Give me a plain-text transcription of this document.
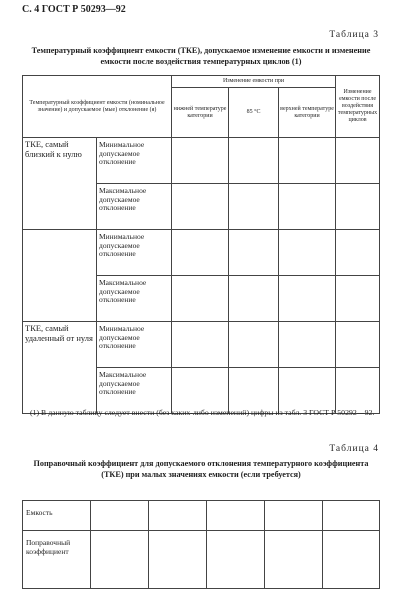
С. 4 ГОСТ Р 50293—92
Таблица 3
Температурный коэффициент емкости (ТКЕ), допускаемое изменение емкости и изменение емкости после воздействия температурных циклов (1)
Температурный коэффициент емкости (номинальное значение) и допускаемое (мые) отклонение (я)		Изменение емкости при			Изменение емкости после воздействия температурных циклов
		нижней температуре категории	85 °С	верхней температуре категории	
ТКЕ, самый близкий к нулю	Минимальное допускаемое отклонение				
	Максимальное допускаемое отклонение				
	Минимальное допускаемое отклонение				
	Максимальное допускаемое отклонение				
ТКЕ, самый удаленный от нуля	Минимальное допускаемое отклонение				
	Максимальное допускаемое отклонение				
(1) В данную таблицу следует внести (без каких-либо изменений) цифры из табл. 3 ГОСТ Р 50292—92.
Таблица 4
Поправочный коэффициент для допускаемого отклонения температурного коэффициента (ТКЕ) при малых значениях емкости (если требуется)
Емкость					
Поправочный коэффициент					
